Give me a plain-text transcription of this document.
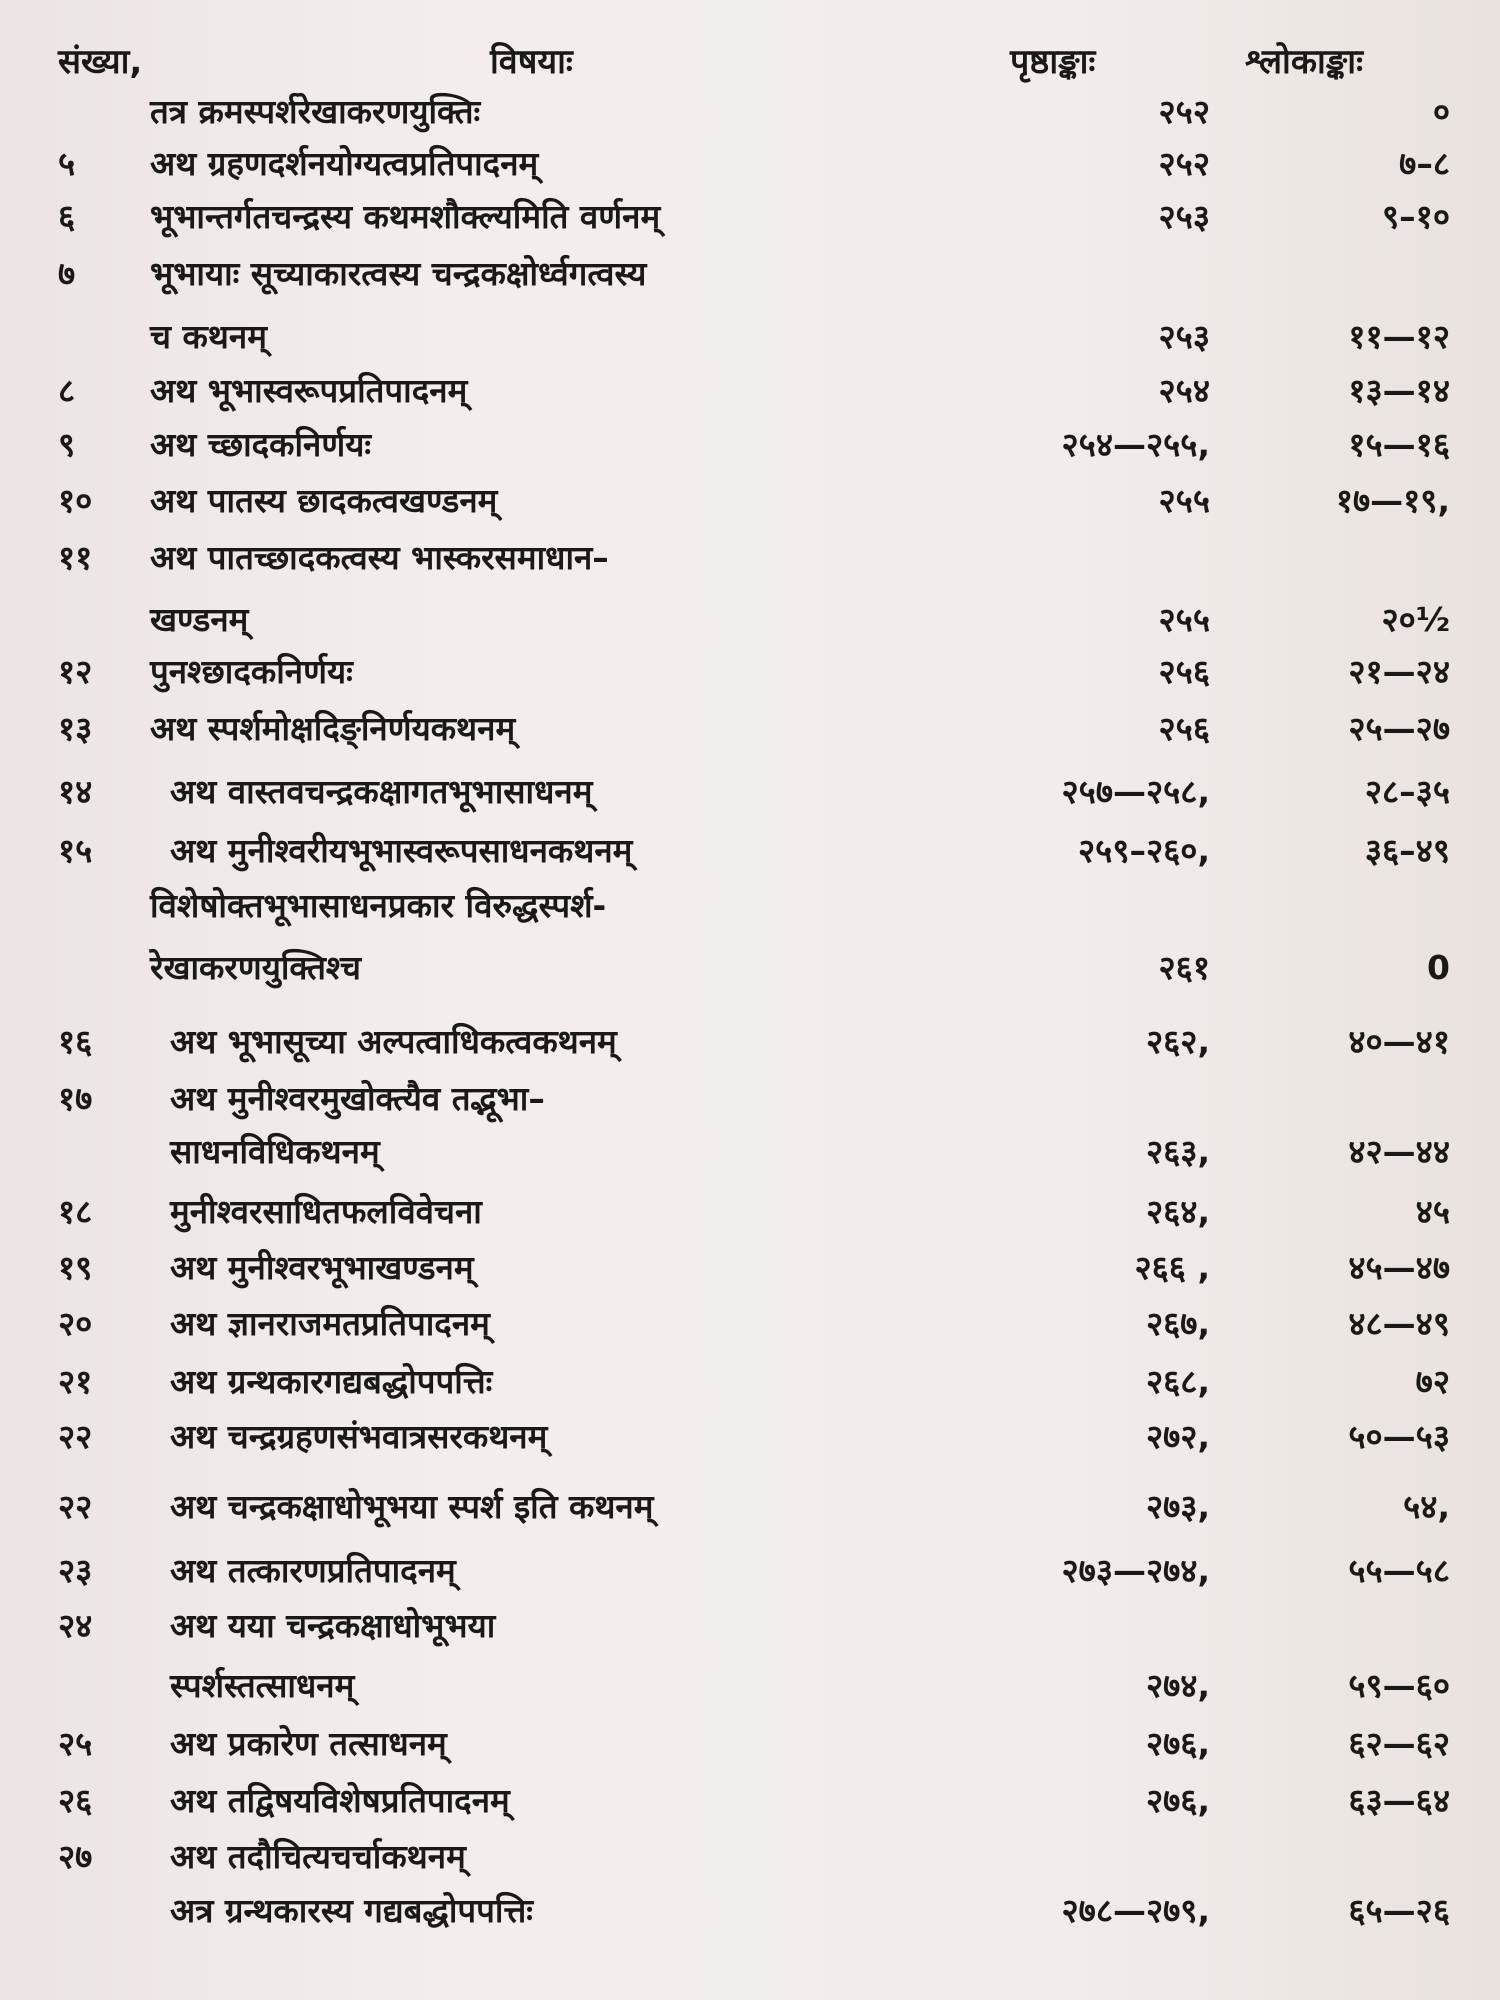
संख्या,	विषयाः	पृष्ठाङ्काः	श्लोकाङ्काः
तत्र क्रमस्पर्शरेखाकरणयुक्तिः	२५२	०
५ अथ ग्रहणदर्शनयोग्यत्वप्रतिपादनम्	२५२	७–८
६ भूभान्तर्गतचन्द्रस्य कथमशौक्ल्यमिति वर्णनम्	२५३	९–१०
७ भूभायाः सूच्याकारत्वस्य चन्द्रकक्षोर्ध्वगत्वस्य
च कथनम्	२५३	११—१२
८ अथ भूभास्वरूपप्रतिपादनम्	२५४	१३—१४
९ अथ च्छादकनिर्णयः	२५४—२५५,	१५—१६
१० अथ पातस्य छादकत्वखण्डनम्	२५५	१७—१९,
११ अथ पातच्छादकत्वस्य भास्करसमाधान–
खण्डनम्	२५५	२०½
१२ पुनश्छादकनिर्णयः	२५६	२१—२४
१३ अथ स्पर्शमोक्षदिङ्निर्णयकथनम्	२५६	२५—२७
१४ अथ वास्तवचन्द्रकक्षागतभूभासाधनम्	२५७—२५८,	२८–३५
१५ अथ मुनीश्वरीयभूभास्वरूपसाधनकथनम्	२५९–२६०,	३६–४९
विशेषोक्तभूभासाधनप्रकार विरुद्धस्पर्श-
रेखाकरणयुक्तिश्च	२६१	0
१६ अथ भूभासूच्या अल्पत्वाधिकत्वकथनम्	२६२,	४०—४१
१७ अथ मुनीश्वरमुखोक्त्यैव तद्भूभा–
साधनविधिकथनम्	२६३,	४२—४४
१८ मुनीश्वरसाधितफलविवेचना	२६४,	४५
१९ अथ मुनीश्वरभूभाखण्डनम्	२६६ ,	४५—४७
२० अथ ज्ञानराजमतप्रतिपादनम्	२६७,	४८—४९
२१ अथ ग्रन्थकारगद्यबद्धोपपत्तिः	२६८,	७२
२२ अथ चन्द्रग्रहणसंभवात्रसरकथनम्	२७२,	५०—५३
२२ अथ चन्द्रकक्षाधोभूभया स्पर्श इति कथनम्	२७३,	५४,
२३ अथ तत्कारणप्रतिपादनम्	२७३—२७४,	५५—५८
२४ अथ यया चन्द्रकक्षाधोभूभया
स्पर्शस्तत्साधनम्	२७४,	५९—६०
२५ अथ प्रकारेण तत्साधनम्	२७६,	६२—६२
२६ अथ तद्विषयविशेषप्रतिपादनम्	२७६,	६३—६४
२७ अथ तदौचित्यचर्चाकथनम्
अत्र ग्रन्थकारस्य गद्यबद्धोपपत्तिः	२७८—२७९,	६५—२६
